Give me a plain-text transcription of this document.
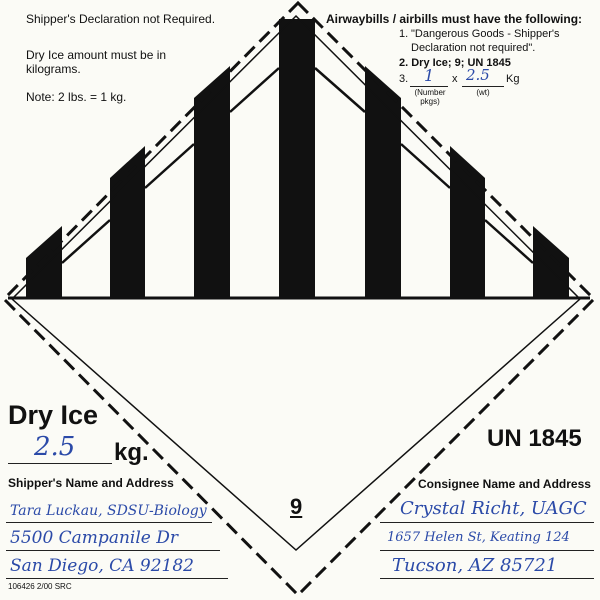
Shipper's Declaration not Required.

Dry Ice amount must be in

kilograms.

Note: 2 lbs. = 1 kg.

Airwaybills / airbills must have the following:

1. "Dangerous Goods - Shipper's

Declaration not required".

2. Dry Ice; 9; UN 1845

3. 1 x 2.5 Kg

(Number
pkgs)
(wt)

Dry Ice

2.5 kg.

UN 1845

9

Shipper's Name and Address

Tara Luckau, SDSU-Biology
5500 Campanile Dr
San Diego, CA 92182

106426 2/00 SRC

Consignee Name and Address

Crystal Richt, UAGC
1657 Helen St, Keating 124
Tucson, AZ 85721
